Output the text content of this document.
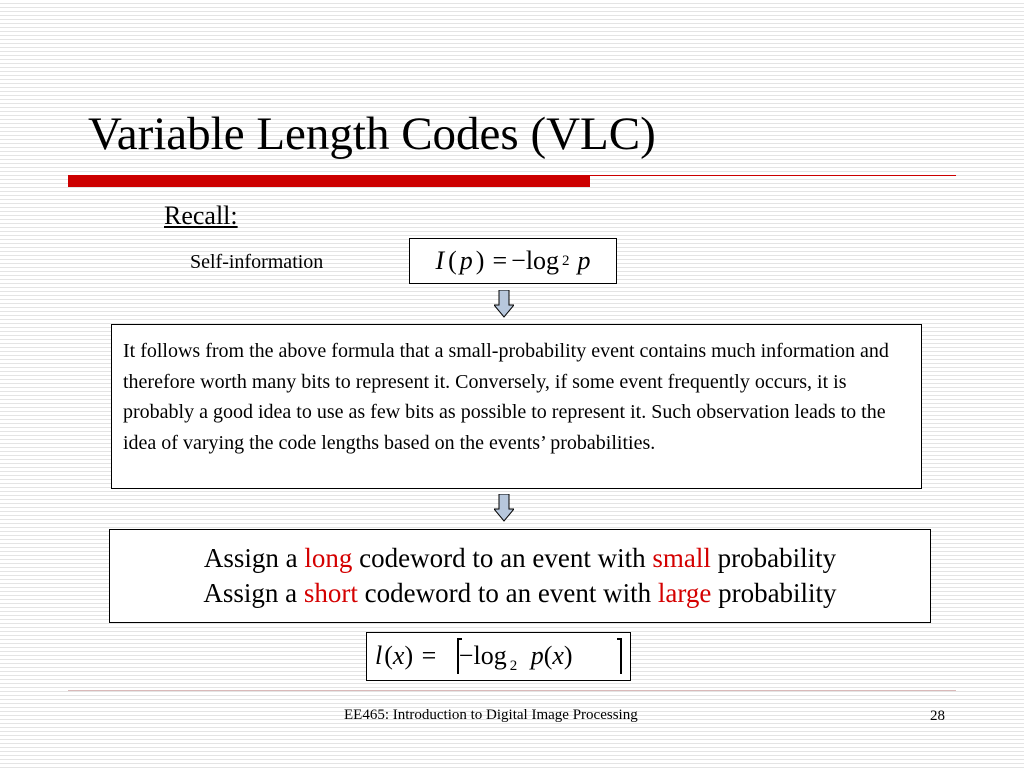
Variable Length Codes (VLC)
Recall:
Self-information	I ( p ) = − log 2 p
It follows from the above formula that a small-probability event contains much information and therefore worth many bits to represent it. Conversely, if some event frequently occurs, it is probably a good idea to use as few bits as possible to represent it. Such observation leads to the idea of varying the code lengths based on the events’ probabilities.
Assign a long codeword to an event with small probability
Assign a short codeword to an event with large probability
l(x) = −log $_2$ p(x)
EE465: Introduction to Digital Image Processing	28
